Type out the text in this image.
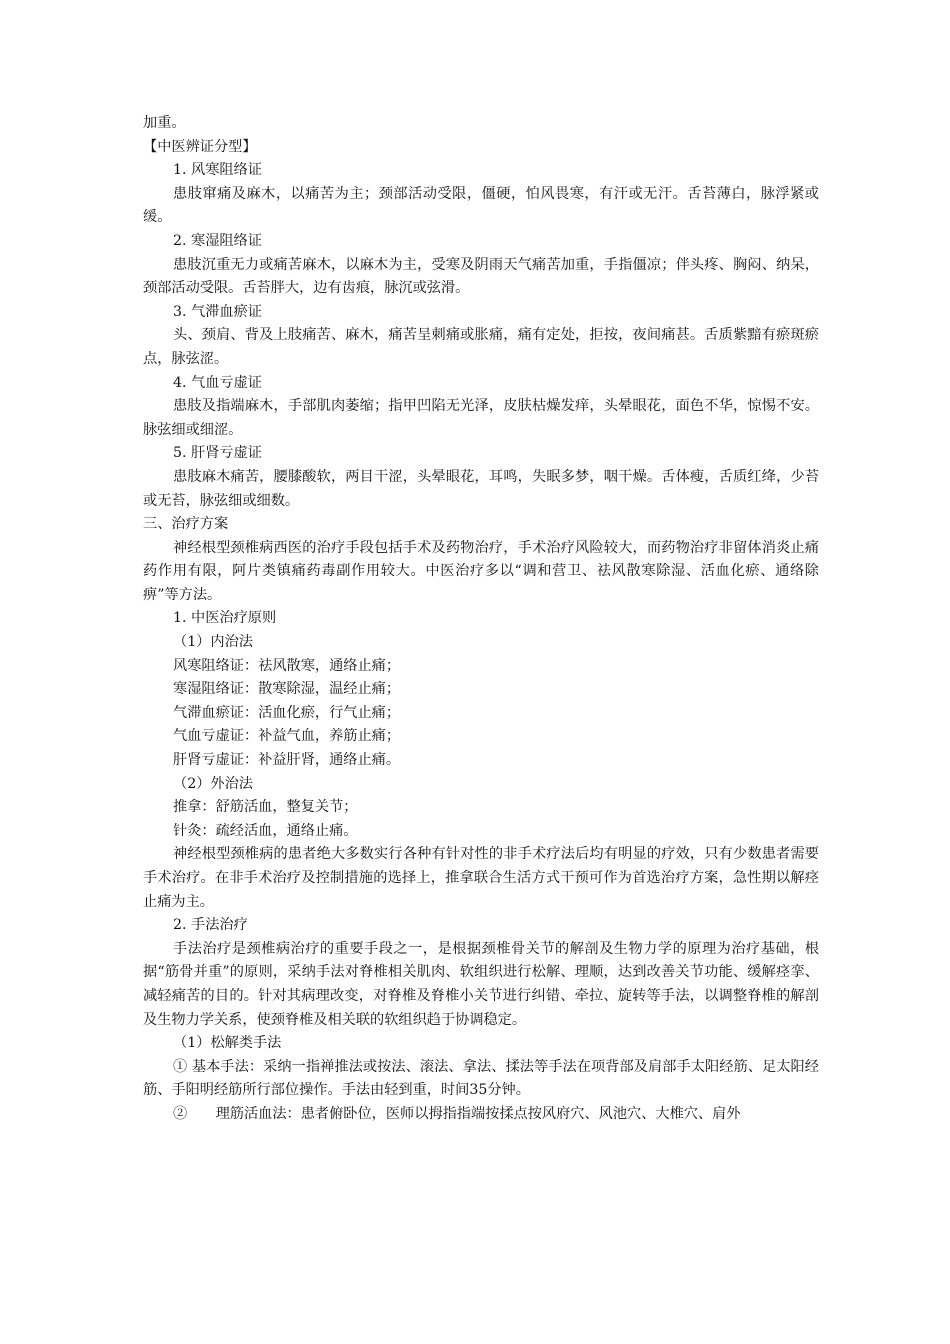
加重。

【中医辨证分型】

1. 风寒阻络证

患肢窜痛及麻木，以痛苦为主；颈部活动受限，僵硬，怕风畏寒，有汗或无汗。舌苔薄白，脉浮紧或缓。

2. 寒湿阻络证

患肢沉重无力或痛苦麻木，以麻木为主，受寒及阴雨天气痛苦加重，手指僵凉；伴头疼、胸闷、纳呆，颈部活动受限。舌苔胖大，边有齿痕，脉沉或弦滑。

3. 气滞血瘀证

头、颈肩、背及上肢痛苦、麻木，痛苦呈刺痛或胀痛，痛有定处，拒按，夜间痛甚。舌质紫黯有瘀斑瘀点，脉弦涩。

4. 气血亏虚证

患肢及指端麻木，手部肌肉萎缩；指甲凹陷无光泽，皮肤枯燥发痒，头晕眼花，面色不华，惊惕不安。脉弦细或细涩。

5. 肝肾亏虚证

患肢麻木痛苦，腰膝酸软，两目干涩，头晕眼花，耳鸣，失眠多梦，咽干燥。舌体瘦，舌质红绛，少苔或无苔，脉弦细或细数。

三、治疗方案

神经根型颈椎病西医的治疗手段包括手术及药物治疗，手术治疗风险较大，而药物治疗非留体消炎止痛药作用有限，阿片类镇痛药毒副作用较大。中医治疗多以“调和营卫、祛风散寒除湿、活血化瘀、通络除痹”等方法。

1. 中医治疗原则

（1）内治法

风寒阻络证：祛风散寒，通络止痛；

寒湿阻络证：散寒除湿，温经止痛；

气滞血瘀证：活血化瘀，行气止痛；

气血亏虚证：补益气血，养筋止痛；

肝肾亏虚证：补益肝肾，通络止痛。

（2）外治法

推拿：舒筋活血，整复关节；

针灸：疏经活血，通络止痛。

神经根型颈椎病的患者绝大多数实行各种有针对性的非手术疗法后均有明显的疗效，只有少数患者需要手术治疗。在非手术治疗及控制措施的选择上，推拿联合生活方式干预可作为首选治疗方案，急性期以解痉止痛为主。

2. 手法治疗

手法治疗是颈椎病治疗的重要手段之一，是根据颈椎骨关节的解剖及生物力学的原理为治疗基础，根据“筋骨并重”的原则，采纳手法对脊椎相关肌肉、软组织进行松解、理顺，达到改善关节功能、缓解痉挛、减轻痛苦的目的。针对其病理改变，对脊椎及脊椎小关节进行纠错、牵拉、旋转等手法，以调整脊椎的解剖及生物力学关系，使颈脊椎及相关联的软组织趋于协调稳定。

（1）松解类手法

① 基本手法：采纳一指禅推法或按法、滚法、拿法、揉法等手法在项背部及肩部手太阳经筋、足太阳经筋、手阳明经筋所行部位操作。手法由轻到重，时间35分钟。

②　　理筋活血法：患者俯卧位，医师以拇指指端按揉点按风府穴、风池穴、大椎穴、肩外
